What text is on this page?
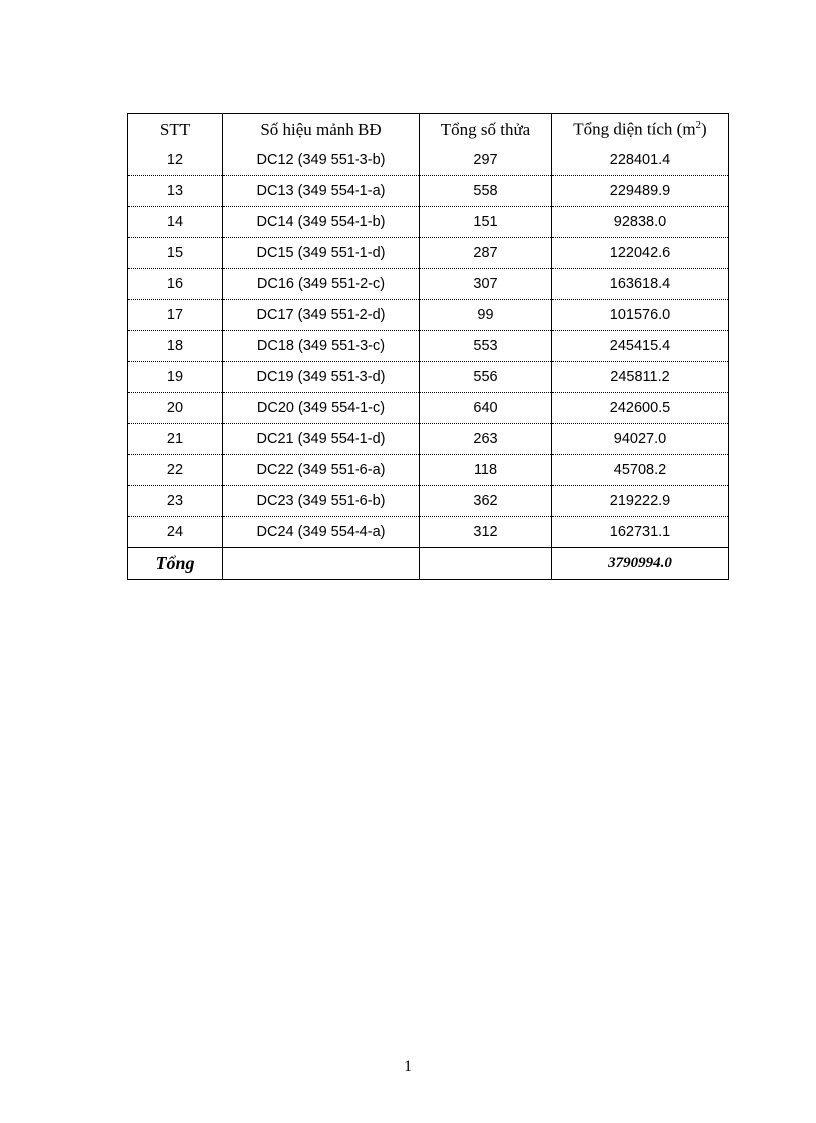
STT	Số hiệu mảnh BĐ	Tổng số thửa	Tổng diện tích $(m^2)$
12	DC12 (349 551-3-b)	297	228401.4
13	DC13 (349 554-1-a)	558	229489.9
14	DC14 (349 554-1-b)	151	92838.0
15	DC15 (349 551-1-d)	287	122042.6
16	DC16 (349 551-2-c)	307	163618.4
17	DC17 (349 551-2-d)	99	101576.0
18	DC18 (349 551-3-c)	553	245415.4
19	DC19 (349 551-3-d)	556	245811.2
20	DC20 (349 554-1-c)	640	242600.5
21	DC21 (349 554-1-d)	263	94027.0
22	DC22 (349 551-6-a)	118	45708.2
23	DC23 (349 551-6-b)	362	219222.9
24	DC24 (349 554-4-a)	312	162731.1
Tổng			3790994.0
1
